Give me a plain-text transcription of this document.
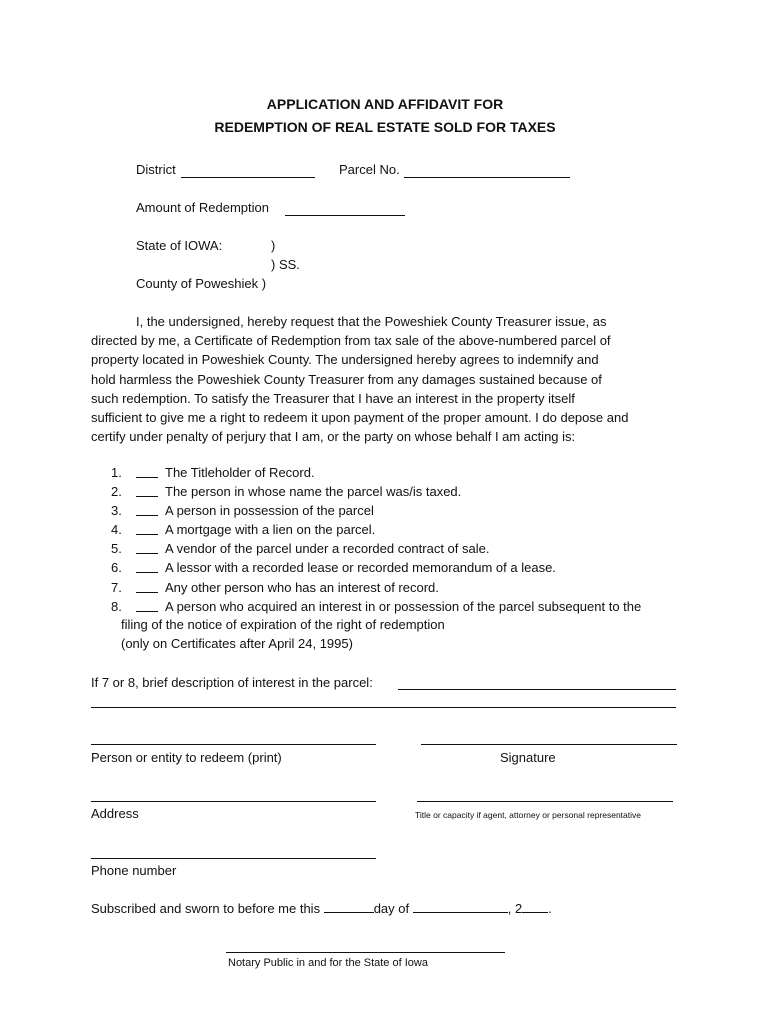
APPLICATION AND AFFIDAVIT FOR
REDEMPTION OF REAL ESTATE SOLD FOR TAXES
District	Parcel No.
Amount of Redemption
State of IOWA:	)
) SS.
County of Poweshiek )

I, the undersigned, hereby request that the Poweshiek County Treasurer issue, as

directed by me, a Certificate of Redemption from tax sale of the above-numbered parcel of

property located in Poweshiek County. The undersigned hereby agrees to indemnify and

hold harmless the Poweshiek County Treasurer from any damages sustained because of

such redemption. To satisfy the Treasurer that I have an interest in the property itself

sufficient to give me a right to redeem it upon payment of the proper amount. I do depose and

certify under penalty of perjury that I am, or the party on whose behalf I am acting is:

1.	The Titleholder of Record.
2.	The person in whose name the parcel was/is taxed.
3.	A person in possession of the parcel
4.	A mortgage with a lien on the parcel.
5.	A vendor of the parcel under a recorded contract of sale.
6.	A lessor with a recorded lease or recorded memorandum of a lease.
7.	Any other person who has an interest of record.
8.	A person who acquired an interest in or possession of the parcel subsequent to the
filing of the notice of expiration of the right of redemption
(only on Certificates after April 24, 1995)
If 7 or 8, brief description of interest in the parcel:
Person or entity to redeem (print)	Signature
Address	Title or capacity if agent, attorney or personal representative
Phone number
Subscribed and sworn to before me this	day of	, 2 .
Notary Public in and for the State of Iowa
